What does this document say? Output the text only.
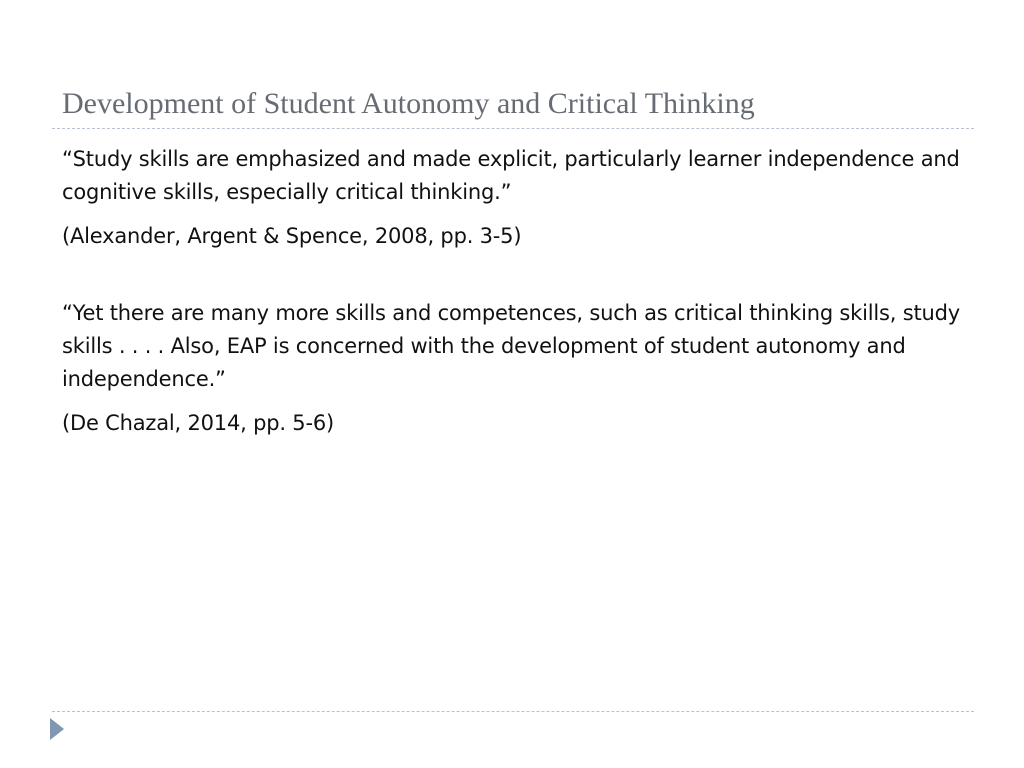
Development of Student Autonomy and Critical Thinking

“Study skills are emphasized and made explicit, particularly learner independence and cognitive skills, especially critical thinking.”

(Alexander, Argent & Spence, 2008, pp. 3-5)

“Yet there are many more skills and competences, such as critical thinking skills, study skills . . . . Also, EAP is concerned with the development of student autonomy and independence.”

(De Chazal, 2014, pp. 5-6)
